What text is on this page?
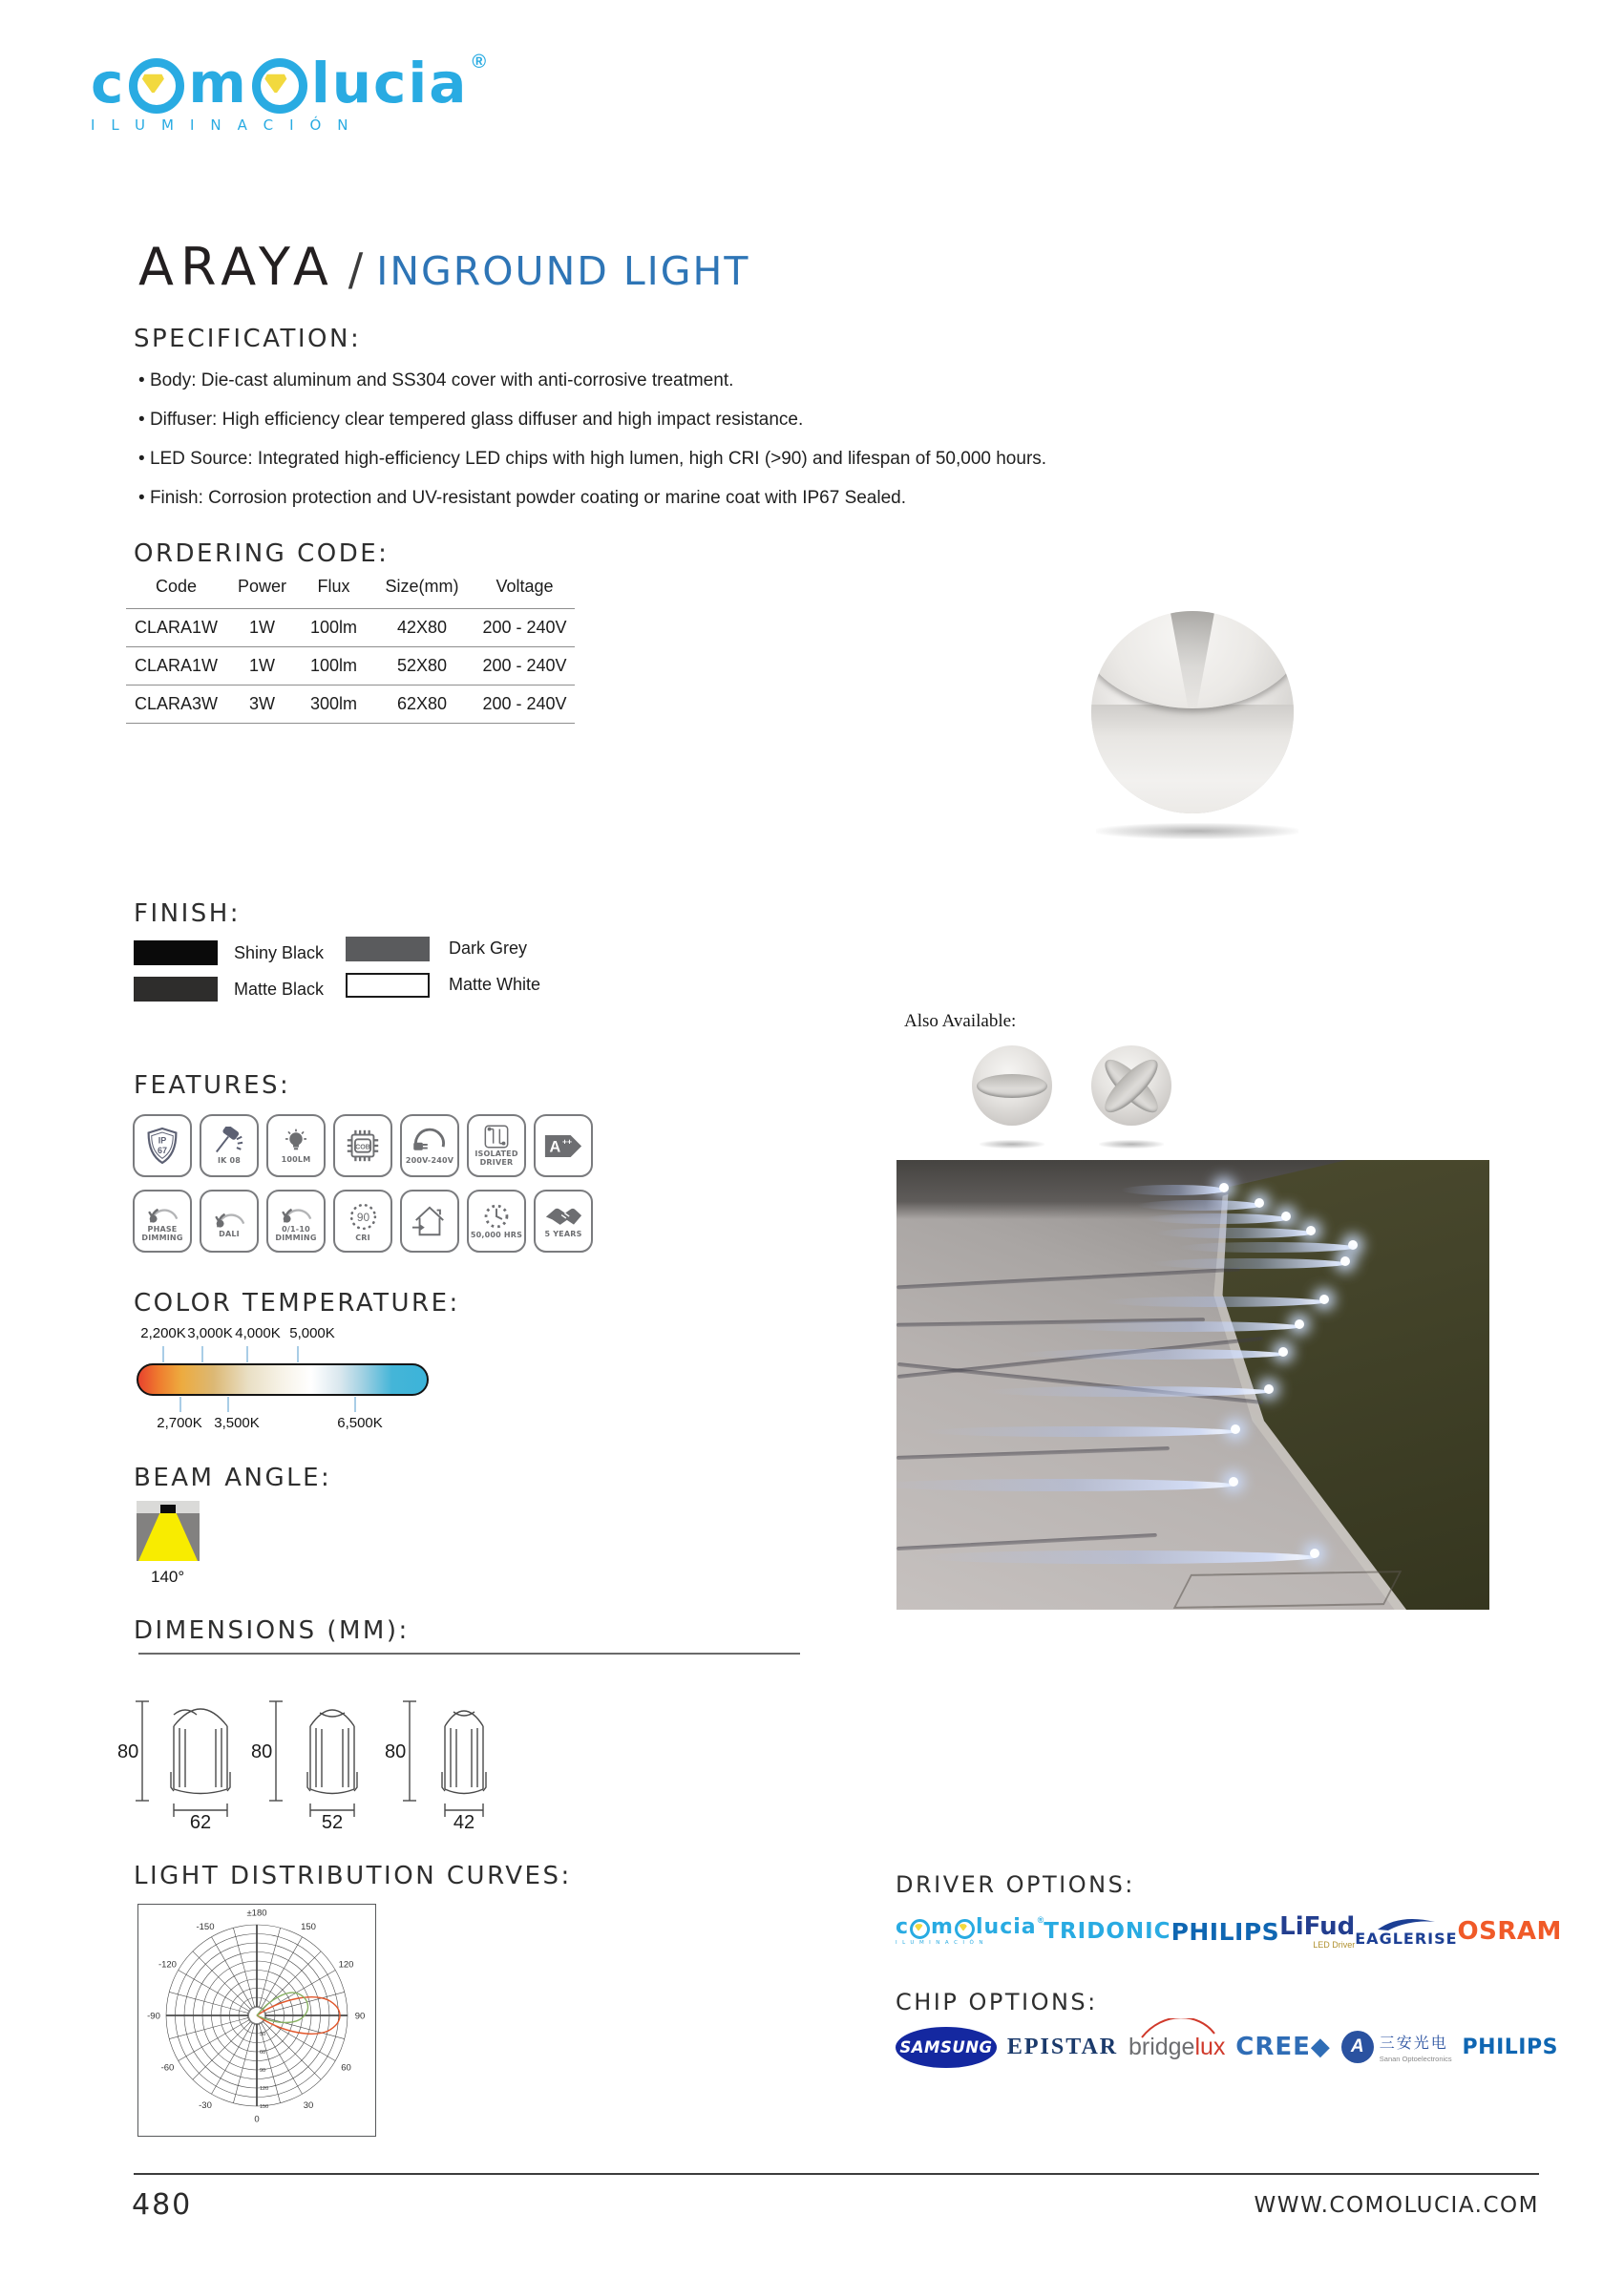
c m lucia ®
ILUMINACIÓN
ARAYA / INGROUND LIGHT
SPECIFICATION:
• Body: Die-cast aluminum and SS304 cover with anti-corrosive treatment.
• Diffuser: High efficiency clear tempered glass diffuser and high impact resistance.
• LED Source: Integrated high-efficiency LED chips with high lumen, high CRI (>90) and lifespan of 50,000 hours.
• Finish: Corrosion protection and UV-resistant powder coating or marine coat with IP67 Sealed.
ORDERING CODE:
Code	Power	Flux	Size(mm)	Voltage
CLARA1W	1W	100lm	42X80	200 - 240V
CLARA1W	1W	100lm	52X80	200 - 240V
CLARA3W	3W	300lm	62X80	200 - 240V
FINISH:
Shiny Black	Dark Grey
Matte Black	Matte White
Also Available:
FEATURES:
IP
67
IK 08	100LM
COB
200V-240V
ISOLATED DRIVER
A ++
PHASE DIMMING	DALI	0/1-10 DIMMING
90
CRI	50,000 HRS	5 YEARS
COLOR TEMPERATURE:
2,200K 3,000K 4,000K 5,000K
2,700K 3,500K	6,500K
BEAM ANGLE:
140°
DIMENSIONS (MM):
80
62
80
52
80
42
LIGHT DISTRIBUTION CURVES:
30
60
90
120
150
0
30
60
90
120
150
±180
-150
-120
-90
-60
-30
DRIVER OPTIONS:
c m lucia ®
ILUMINACIÓN	TRIDONIC PHILIPS LiFud
LED Driver EAGLERISE OSRAM
CHIP OPTIONS:
SAMSUNG EPISTAR bridgelux CREE◆	A	三安光电
Sanan Optoelectronics PHILIPS
480	WWW.COMOLUCIA.COM
